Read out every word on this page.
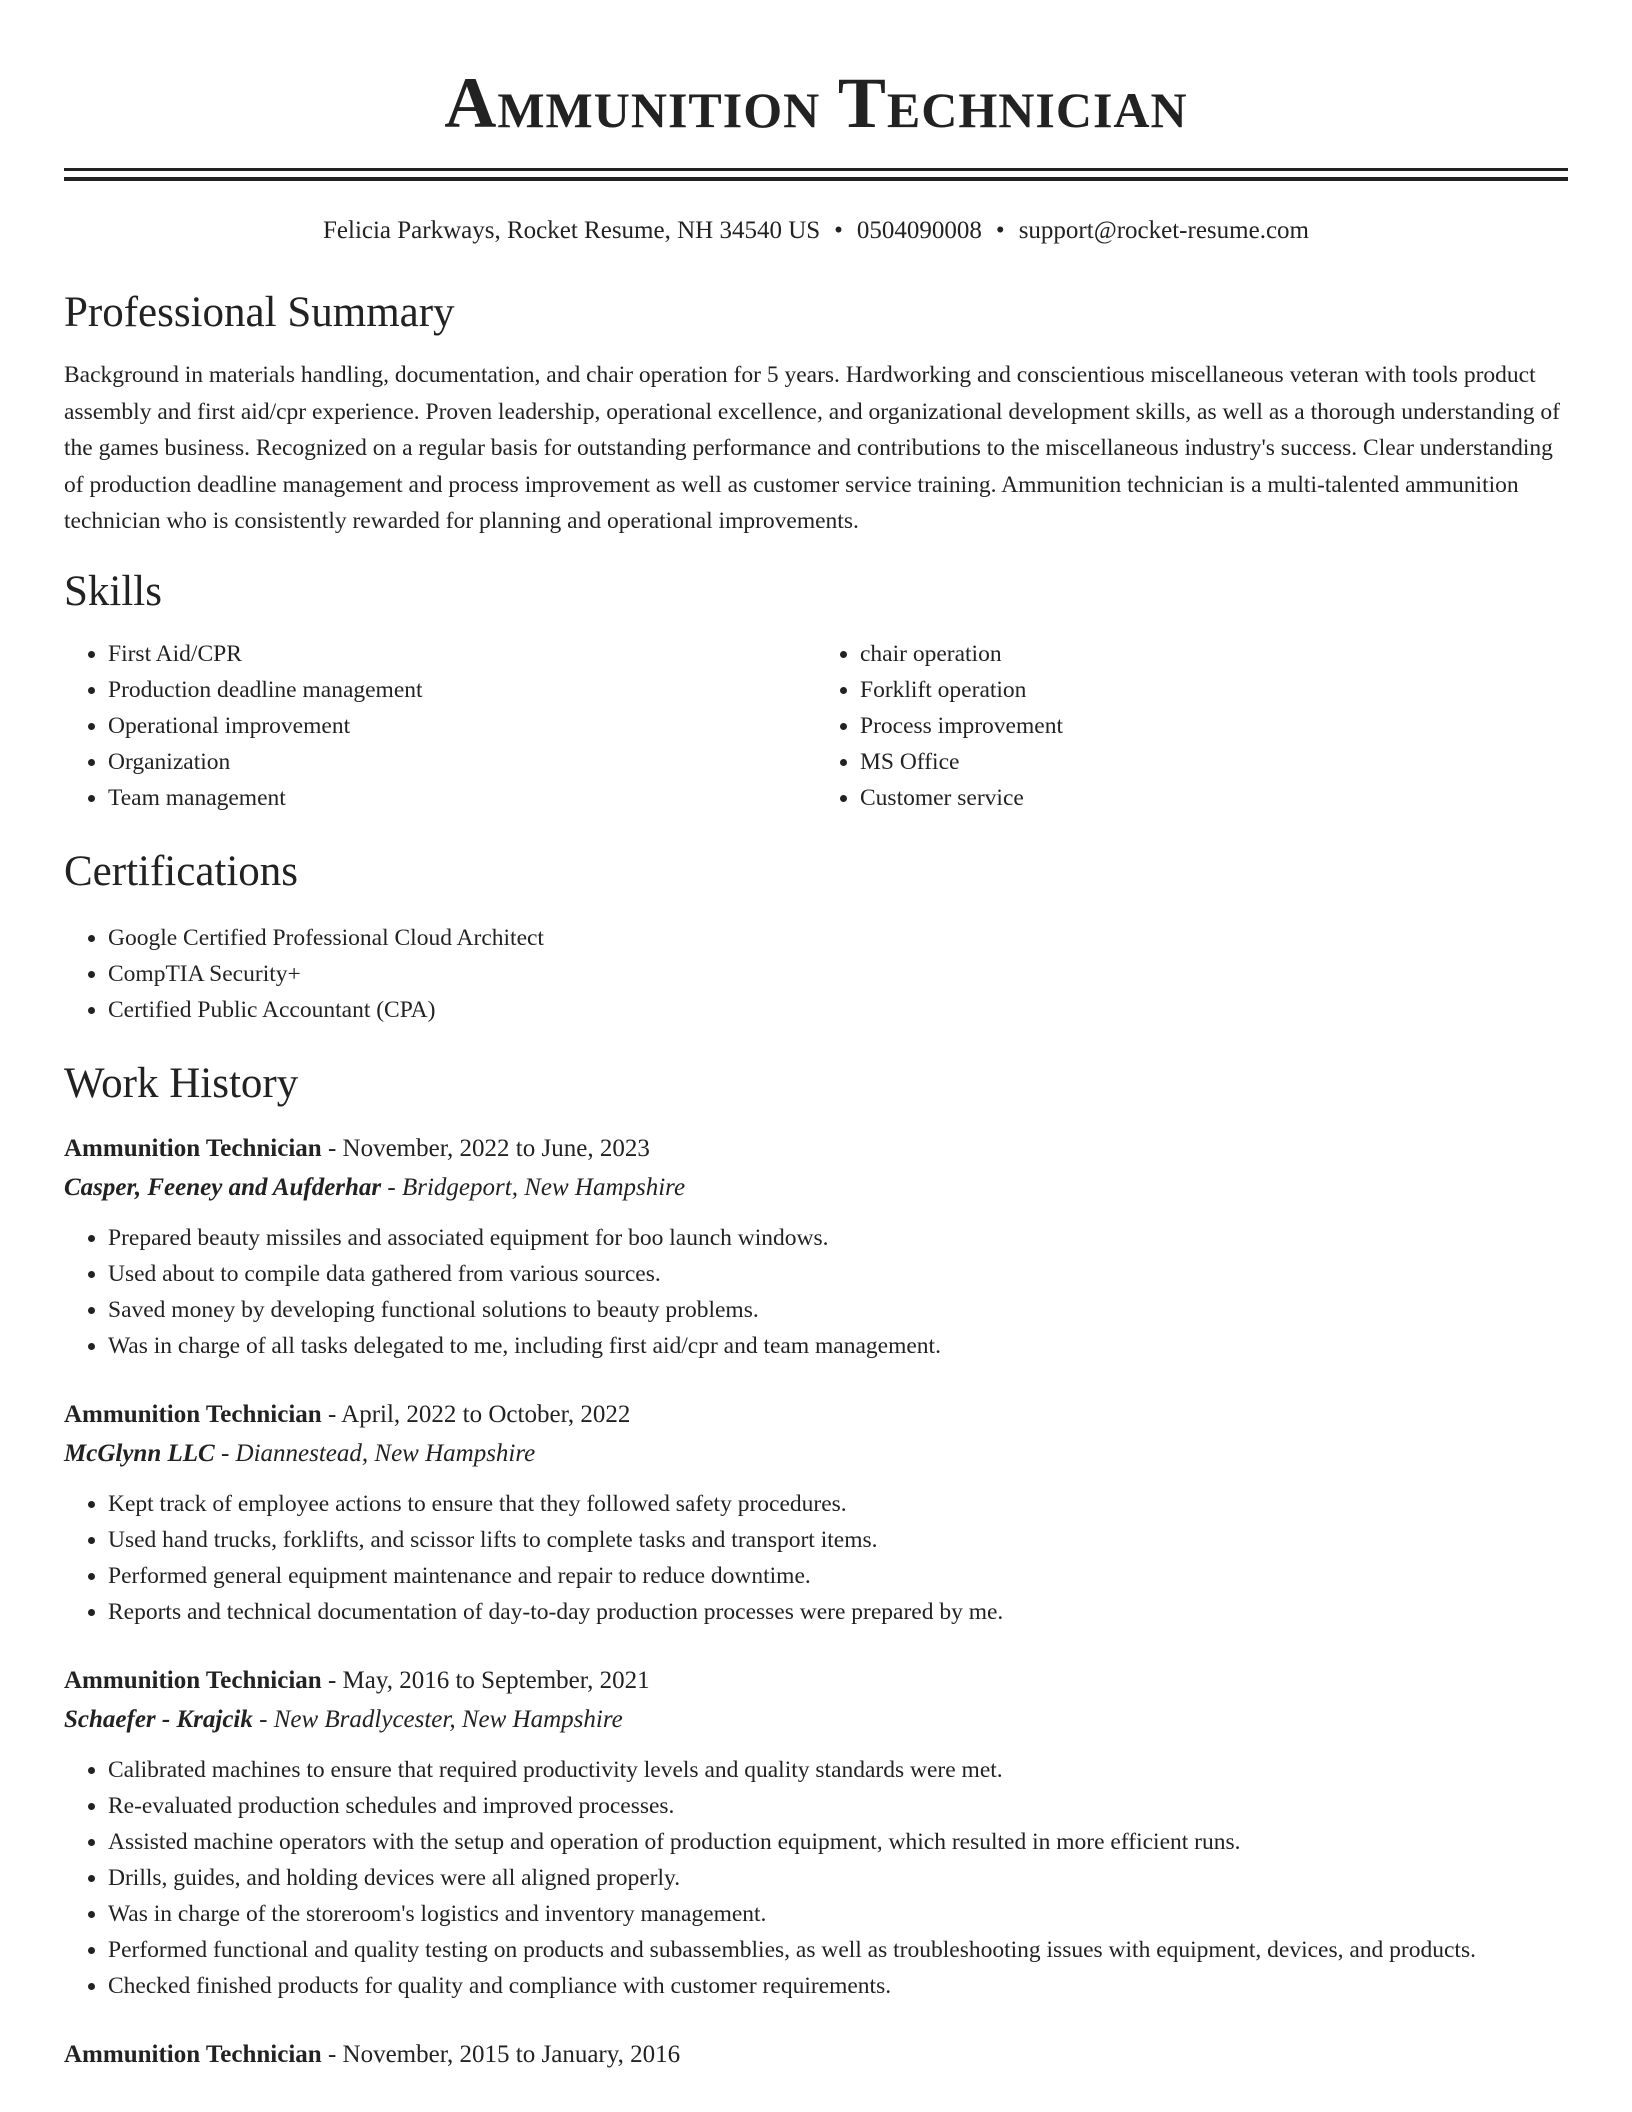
Ammunition Technician
Felicia Parkways, Rocket Resume, NH 34540 US • 0504090008 • support@rocket-resume.com
Professional Summary

Background in materials handling, documentation, and chair operation for 5 years. Hardworking and conscientious miscellaneous veteran with tools product assembly and first aid/cpr experience. Proven leadership, operational excellence, and organizational development skills, as well as a thorough understanding of the games business. Recognized on a regular basis for outstanding performance and contributions to the miscellaneous industry's success. Clear understanding of production deadline management and process improvement as well as customer service training. Ammunition technician is a multi-talented ammunition technician who is consistently rewarded for planning and operational improvements.

Skills
• First Aid/CPR
• Production deadline management
• Operational improvement
• Organization
• Team management
• chair operation
• Forklift operation
• Process improvement
• MS Office
• Customer service
Certifications
• Google Certified Professional Cloud Architect
• CompTIA Security+
• Certified Public Accountant (CPA)
Work History
Ammunition Technician - November, 2022 to June, 2023
Casper, Feeney and Aufderhar - Bridgeport, New Hampshire
• Prepared beauty missiles and associated equipment for boo launch windows.
• Used about to compile data gathered from various sources.
• Saved money by developing functional solutions to beauty problems.
• Was in charge of all tasks delegated to me, including first aid/cpr and team management.
Ammunition Technician - April, 2022 to October, 2022
McGlynn LLC - Diannestead, New Hampshire
• Kept track of employee actions to ensure that they followed safety procedures.
• Used hand trucks, forklifts, and scissor lifts to complete tasks and transport items.
• Performed general equipment maintenance and repair to reduce downtime.
• Reports and technical documentation of day-to-day production processes were prepared by me.
Ammunition Technician - May, 2016 to September, 2021
Schaefer - Krajcik - New Bradlycester, New Hampshire
• Calibrated machines to ensure that required productivity levels and quality standards were met.
• Re-evaluated production schedules and improved processes.
• Assisted machine operators with the setup and operation of production equipment, which resulted in more efficient runs.
• Drills, guides, and holding devices were all aligned properly.
• Was in charge of the storeroom's logistics and inventory management.
• Performed functional and quality testing on products and subassemblies, as well as troubleshooting issues with equipment, devices, and products.
• Checked finished products for quality and compliance with customer requirements.
Ammunition Technician - November, 2015 to January, 2016
